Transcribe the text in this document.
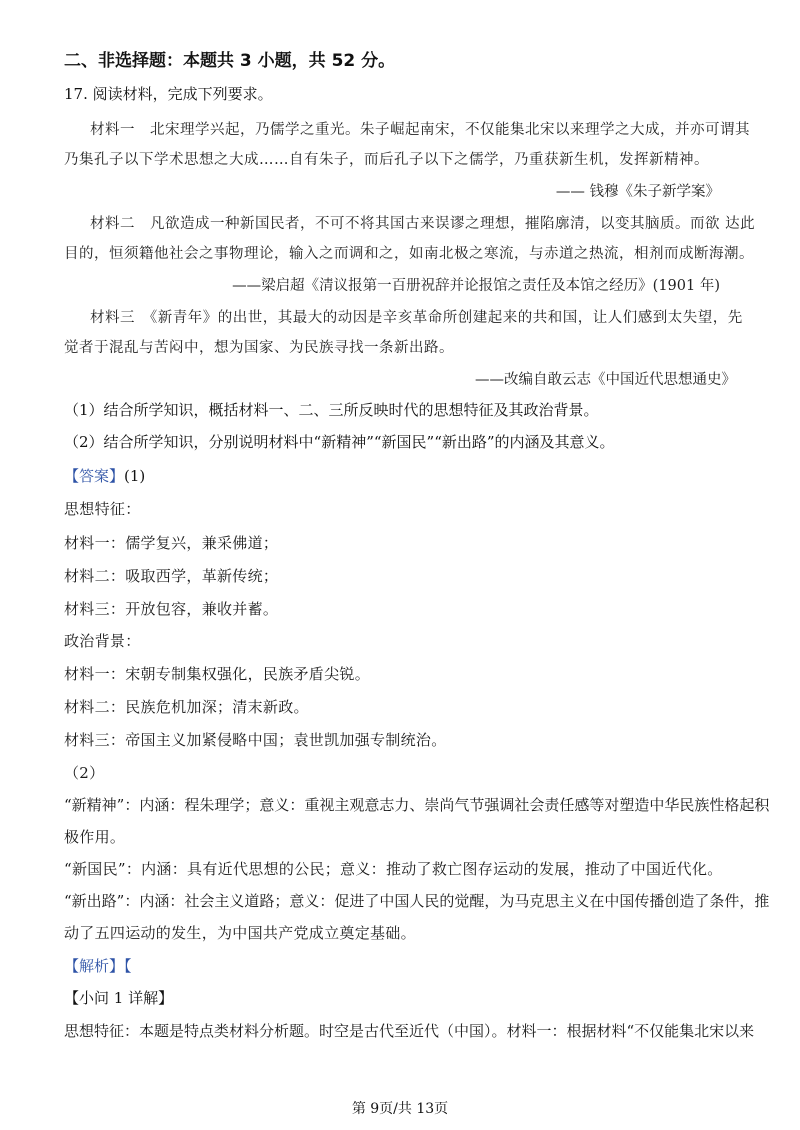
二、非选择题：本题共 3 小题，共 52 分。
17. 阅读材料，完成下列要求。
材料一　北宋理学兴起，乃儒学之重光。朱子崛起南宋，不仅能集北宋以来理学之大成，并亦可谓其
乃集孔子以下学术思想之大成……自有朱子，而后孔子以下之儒学，乃重获新生机，发挥新精神。
—— 钱穆《朱子新学案》
材料二　凡欲造成一种新国民者，不可不将其国古来误谬之理想，摧陷廓清，以变其脑质。而欲 达此
目的，恒须籍他社会之事物理论，输入之而调和之，如南北极之寒流，与赤道之热流，相剂而成断海潮。
——梁启超《清议报第一百册祝辞并论报馆之责任及本馆之经历》(1901 年)
材料三　《新青年》的出世，其最大的动因是辛亥革命所创建起来的共和国，让人们感到太失望，先
觉者于混乱与苦闷中，想为国家、为民族寻找一条新出路。
——改编自敢云志《中国近代思想通史》
（1）结合所学知识，概括材料一、二、三所反映时代的思想特征及其政治背景。
（2）结合所学知识，分别说明材料中“新精神”“新国民”“新出路”的内涵及其意义。
【答案】(1)
思想特征：
材料一：儒学复兴，兼采佛道；
材料二：吸取西学，革新传统；
材料三：开放包容，兼收并蓄。
政治背景：
材料一：宋朝专制集权强化，民族矛盾尖锐。
材料二：民族危机加深；清末新政。
材料三：帝国主义加紧侵略中国；袁世凯加强专制统治。
（2）
“新精神”：内涵：程朱理学；意义：重视主观意志力、崇尚气节强调社会责任感等对塑造中华民族性格起积
极作用。
“新国民”：内涵：具有近代思想的公民；意义：推动了救亡图存运动的发展，推动了中国近代化。
“新出路”：内涵：社会主义道路；意义：促进了中国人民的觉醒，为马克思主义在中国传播创造了条件，推
动了五四运动的发生，为中国共产党成立奠定基础。
【解析】【
【小问 1 详解】
思想特征：本题是特点类材料分析题。时空是古代至近代（中国）。材料一：根据材料“不仅能集北宋以来
第 9页/共 13页
